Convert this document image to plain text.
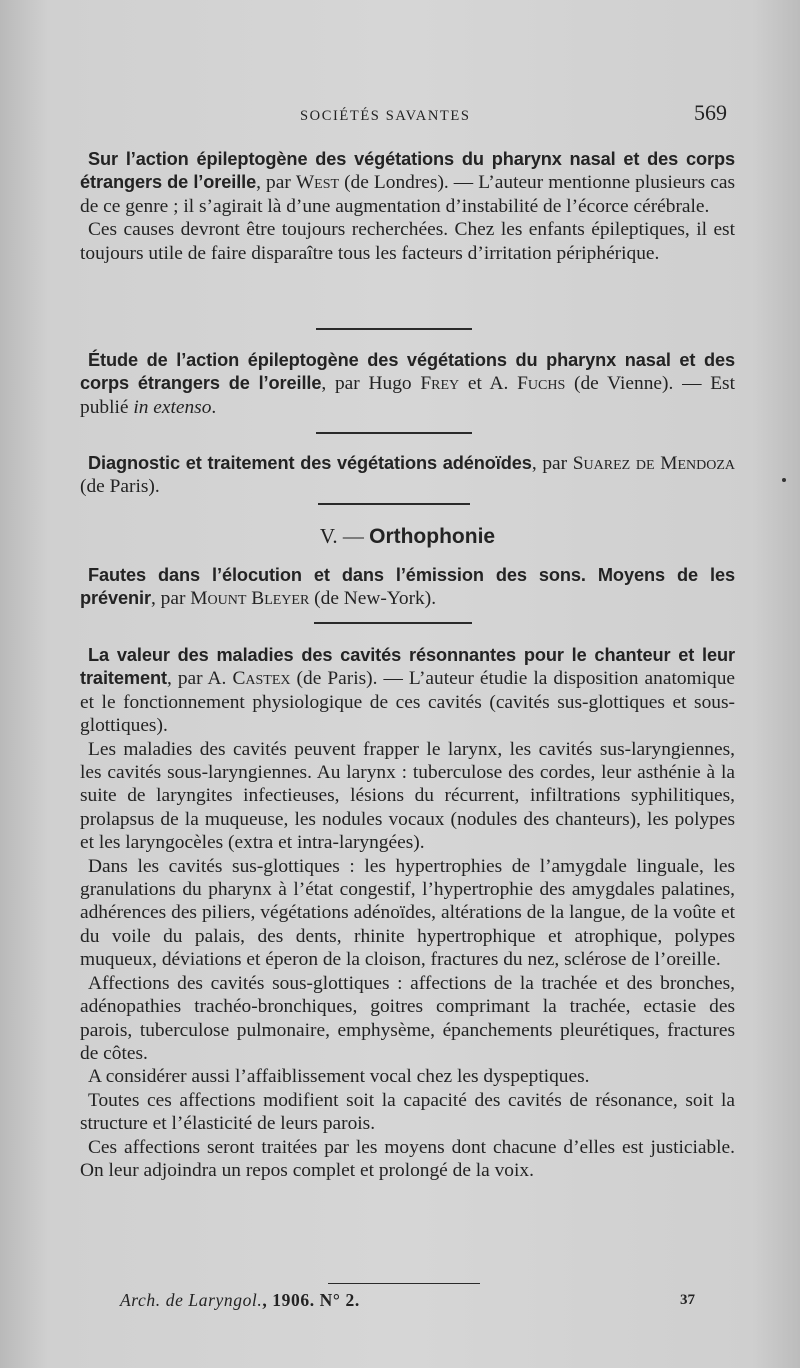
SOCIÉTÉS SAVANTES	569

Sur l’action épileptogène des végétations du pharynx nasal et des corps étrangers de l’oreille, par West (de Londres). — L’auteur mentionne plusieurs cas de ce genre ; il s’agirait là d’une augmentation d’instabilité de l’écorce cérébrale.

Ces causes devront être toujours recherchées. Chez les enfants épileptiques, il est toujours utile de faire disparaître tous les facteurs d’irritation périphérique.

Étude de l’action épileptogène des végétations du pharynx nasal et des corps étrangers de l’oreille, par Hugo Frey et A. Fuchs (de Vienne). — Est publié in extenso.

Diagnostic et traitement des végétations adénoïdes, par Suarez de Mendoza (de Paris).

V. — Orthophonie

Fautes dans l’élocution et dans l’émission des sons. Moyens de les prévenir, par Mount Bleyer (de New-York).

La valeur des maladies des cavités résonnantes pour le chanteur et leur traitement, par A. Castex (de Paris). — L’auteur étudie la disposition anatomique et le fonctionnement physiologique de ces cavités (cavités sus-glottiques et sous-glottiques).

Les maladies des cavités peuvent frapper le larynx, les cavités sus-laryngiennes, les cavités sous-laryngiennes. Au larynx : tuberculose des cordes, leur asthénie à la suite de laryngites infectieuses, lésions du récurrent, infiltrations syphilitiques, prolapsus de la muqueuse, les nodules vocaux (nodules des chanteurs), les polypes et les laryngocèles (extra et intra-laryngées).

Dans les cavités sus-glottiques : les hypertrophies de l’amygdale linguale, les granulations du pharynx à l’état congestif, l’hypertrophie des amygdales palatines, adhérences des piliers, végétations adénoïdes, altérations de la langue, de la voûte et du voile du palais, des dents, rhinite hypertrophique et atrophique, polypes muqueux, déviations et éperon de la cloison, fractures du nez, sclérose de l’oreille.

Affections des cavités sous-glottiques : affections de la trachée et des bronches, adénopathies trachéo-bronchiques, goitres comprimant la trachée, ectasie des parois, tuberculose pulmonaire, emphysème, épanchements pleurétiques, fractures de côtes.

A considérer aussi l’affaiblissement vocal chez les dyspeptiques.

Toutes ces affections modifient soit la capacité des cavités de résonance, soit la structure et l’élasticité de leurs parois.

Ces affections seront traitées par les moyens dont chacune d’elles est justiciable. On leur adjoindra un repos complet et prolongé de la voix.

Arch. de Laryngol., 1906. N° 2.	37
